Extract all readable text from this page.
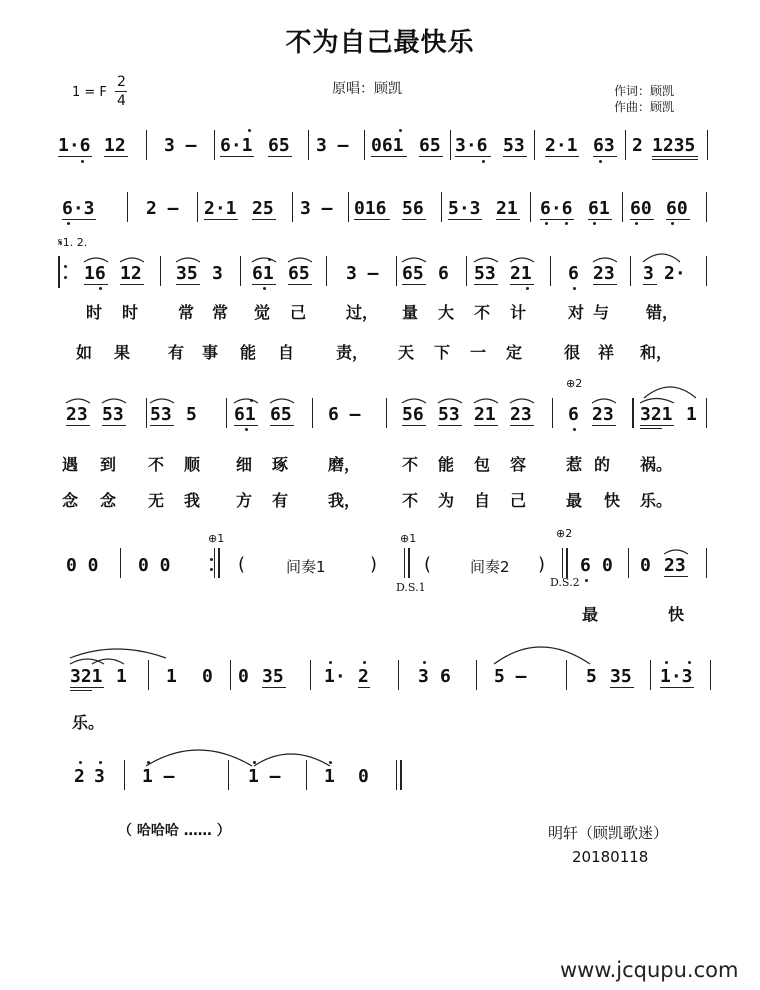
不为自己最快乐
1 = F
2
4
原唱：顾凯	作词：顾凯
作曲：顾凯
1·6 12 3 – 6·1 65 3 – 061 65 3·6 53 2·1 63 2 1235
6·3	2 – 2·1 25 3 – 016 56 5·3 21 6·6 61 60 60
𝄋1. 2.
16 12 35 3 61 65 3 – 65 6 53 21 6 23 3 2·
时 时 常 常 觉 己 过， 量 大 不 计	对 与 错，
如 果 有 事 能 自	责， 天 下 一 定	很 祥 和，
⊕2
23 53 53 5 61 65 6 – 56 53 21 23 6 23 321 1
遇 到 不 顺 细 琢 磨，	不 能 包 容 惹 的 祸。
念 念 无 我 方 有 我，	不 为 自 己 最 快 乐。
0 0 0 0
⊕1
(	间奏1 )
⊕1
D.S.1
(	间奏2 )
⊕2
D.S.2
6 0 0 23
最	快
321 1 1 0 0 35 1· 2	3 6 5 –	5 35 1·3
乐。
2 3 1 –	1 – 1 0
（ 哈哈哈 …… ）	明轩（顾凯歌迷）
20180118
www.jcqupu.com
